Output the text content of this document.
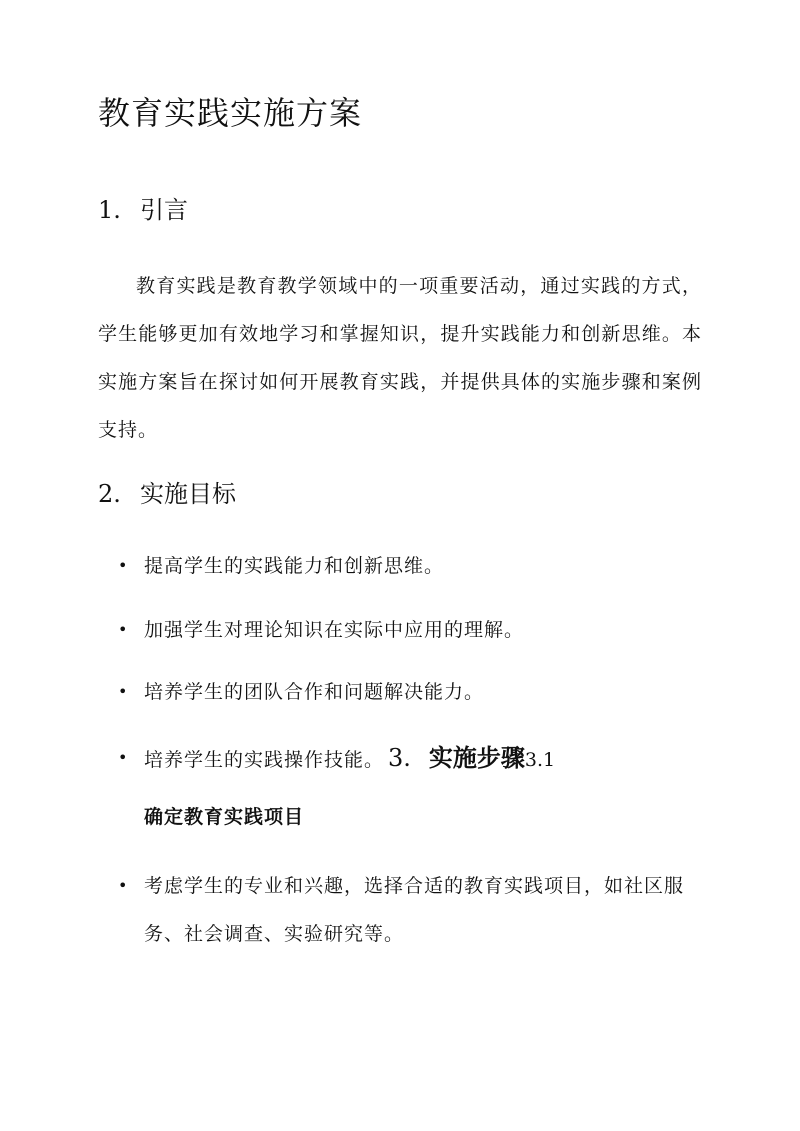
教育实践实施方案
1. 引言

教育实践是教育教学领域中的一项重要活动，通过实践的方式，学生能够更加有效地学习和掌握知识，提升实践能力和创新思维。本实施方案旨在探讨如何开展教育实践，并提供具体的实施步骤和案例支持。

2. 实施目标
• 提高学生的实践能力和创新思维。
• 加强学生对理论知识在实际中应用的理解。
• 培养学生的团队合作和问题解决能力。
• 培养学生的实践操作技能。 3. 实施步骤3.1
确定教育实践项目
• 考虑学生的专业和兴趣，选择合适的教育实践项目，如社区服务、社会调查、实验研究等。
